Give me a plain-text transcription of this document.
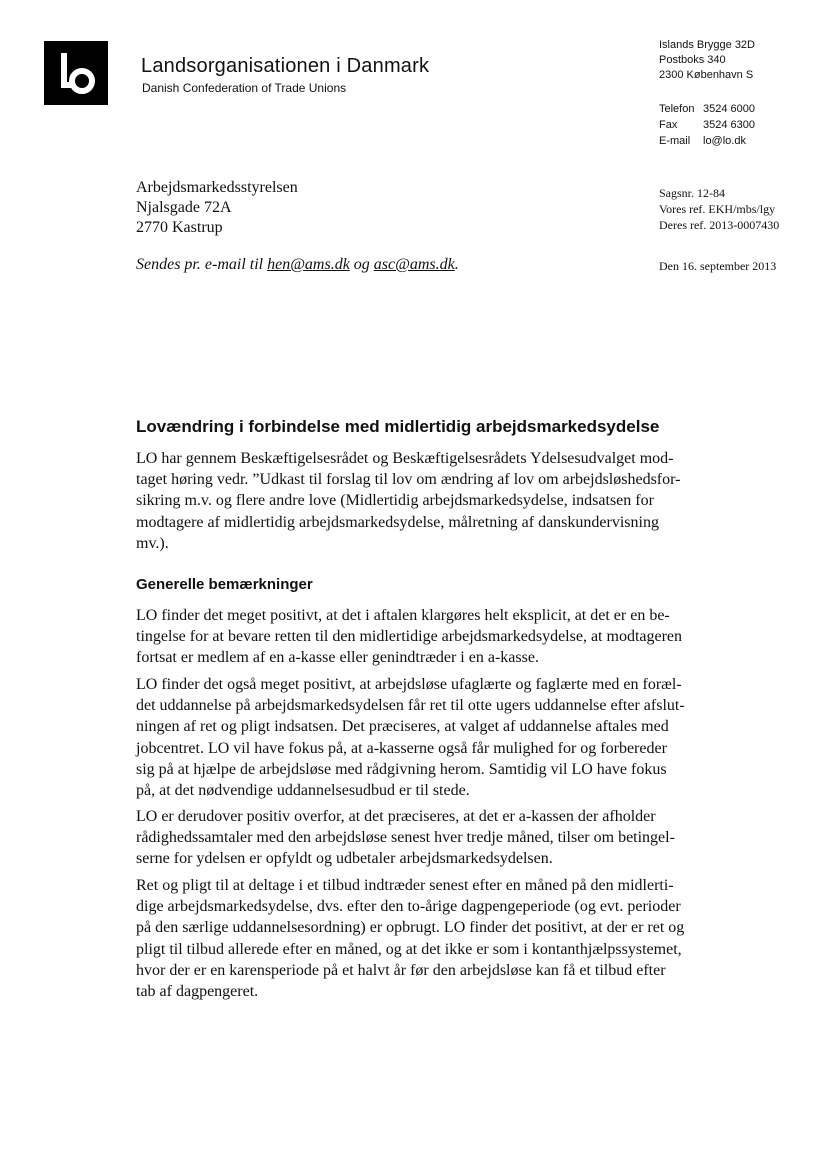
Landsorganisationen i Danmark
Danish Confederation of Trade Unions
Islands Brygge 32D
Postboks 340
2300 København S
Telefon 3524 6000
Fax	3524 6300
E-mail	lo@lo.dk
Arbejdsmarkedsstyrelsen
Njalsgade 72A
2770 Kastrup
Sagsnr. 12-84
Vores ref. EKH/mbs/lgy
Deres ref. 2013-0007430
Sendes pr. e-mail til hen@ams.dk og asc@ams.dk.	Den 16. september 2013
Lovændring i forbindelse med midlertidig arbejdsmarkedsydelse

LO har gennem Beskæftigelsesrådet og Beskæftigelsesrådets Ydelsesudvalget mod-

taget høring vedr. ”Udkast til forslag til lov om ændring af lov om arbejdsløshedsfor-

sikring m.v. og flere andre love (Midlertidig arbejdsmarkedsydelse, indsatsen for

modtagere af midlertidig arbejdsmarkedsydelse, målretning af danskundervisning

mv.).

Generelle bemærkninger

LO finder det meget positivt, at det i aftalen klargøres helt eksplicit, at det er en be-

tingelse for at bevare retten til den midlertidige arbejdsmarkedsydelse, at modtageren

fortsat er medlem af en a-kasse eller genindtræder i en a-kasse.

LO finder det også meget positivt, at arbejdsløse ufaglærte og faglærte med en foræl-

det uddannelse på arbejdsmarkedsydelsen får ret til otte ugers uddannelse efter afslut-

ningen af ret og pligt indsatsen. Det præciseres, at valget af uddannelse aftales med

jobcentret. LO vil have fokus på, at a-kasserne også får mulighed for og forbereder

sig på at hjælpe de arbejdsløse med rådgivning herom. Samtidig vil LO have fokus

på, at det nødvendige uddannelsesudbud er til stede.

LO er derudover positiv overfor, at det præciseres, at det er a-kassen der afholder

rådighedssamtaler med den arbejdsløse senest hver tredje måned, tilser om betingel-

serne for ydelsen er opfyldt og udbetaler arbejdsmarkedsydelsen.

Ret og pligt til at deltage i et tilbud indtræder senest efter en måned på den midlerti-

dige arbejdsmarkedsydelse, dvs. efter den to-årige dagpengeperiode (og evt. perioder

på den særlige uddannelsesordning) er opbrugt. LO finder det positivt, at der er ret og

pligt til tilbud allerede efter en måned, og at det ikke er som i kontanthjælpssystemet,

hvor der er en karensperiode på et halvt år før den arbejdsløse kan få et tilbud efter

tab af dagpengeret.
